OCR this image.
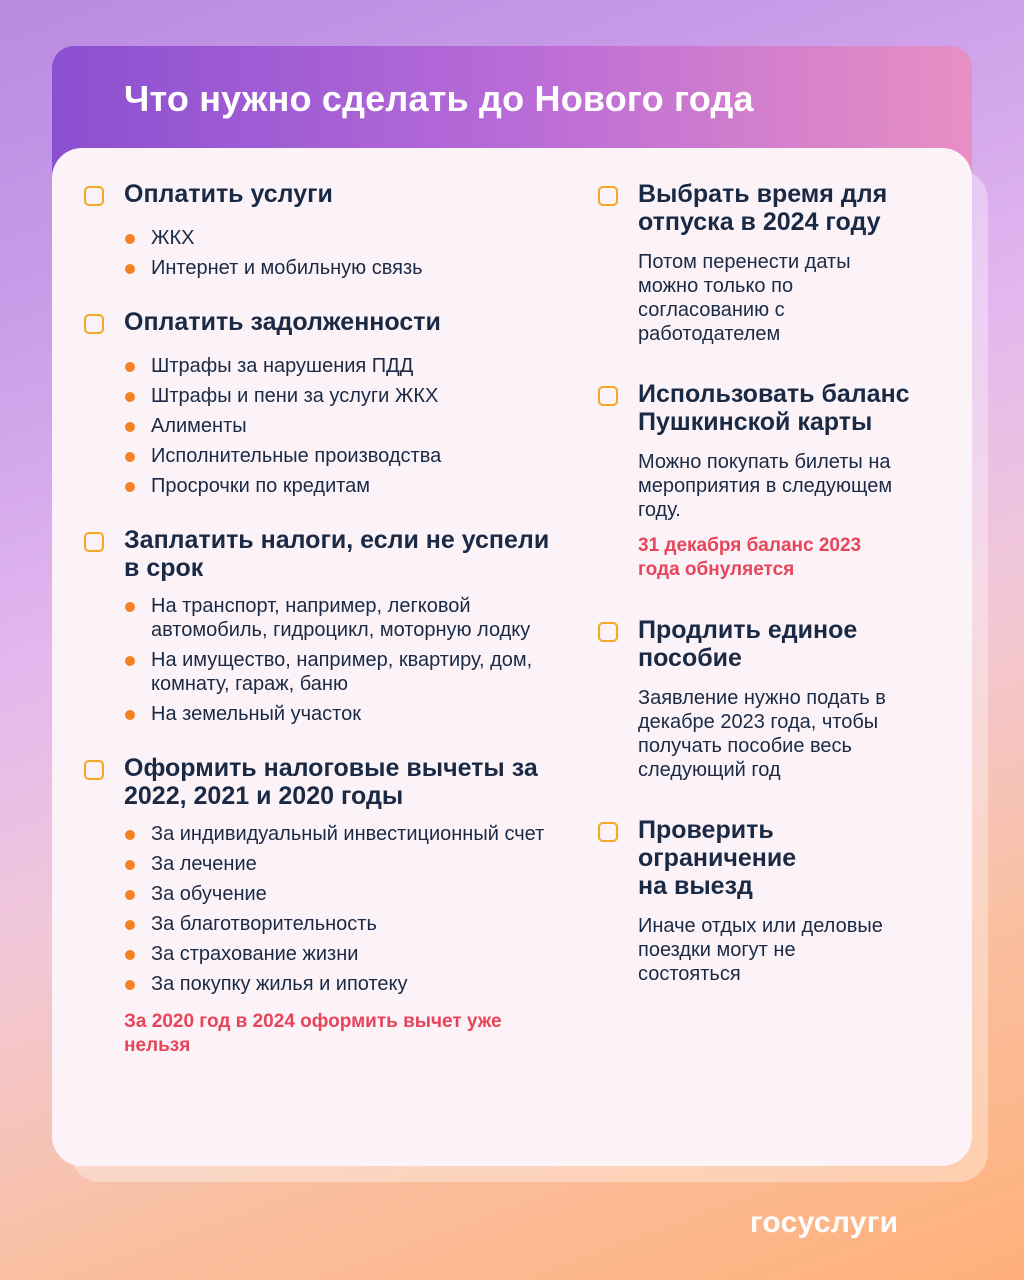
Что нужно сделать до Нового года
Оплатить услуги
ЖКХ
Интернет и мобильную связь
Оплатить задолженности
Штрафы за нарушения ПДД
Штрафы и пени за услуги ЖКХ
Алименты
Исполнительные производства
Просрочки по кредитам
Заплатить налоги, если не успели в срок
На транспорт, например, легковой автомобиль, гидроцикл, моторную лодку
На имущество, например, квартиру, дом, комнату, гараж, баню
На земельный участок
Оформить налоговые вычеты за 2022, 2021 и 2020 годы
За индивидуальный инвестиционный счет
За лечение
За обучение
За благотворительность
За страхование жизни
За покупку жилья и ипотеку

За 2020 год в 2024 оформить вычет уже нельзя

Выбрать время для отпуска в 2024 году

Потом перенести даты можно только по согласованию с работодателем

Использовать баланс Пушкинской карты

Можно покупать билеты на мероприятия в следующем году.

31 декабря баланс 2023 года обнуляется

Продлить единое пособие

Заявление нужно подать в декабре 2023 года, чтобы получать пособие весь следующий год

Проверить ограничение на выезд

Иначе отдых или деловые поездки могут не состояться

госуслуги
